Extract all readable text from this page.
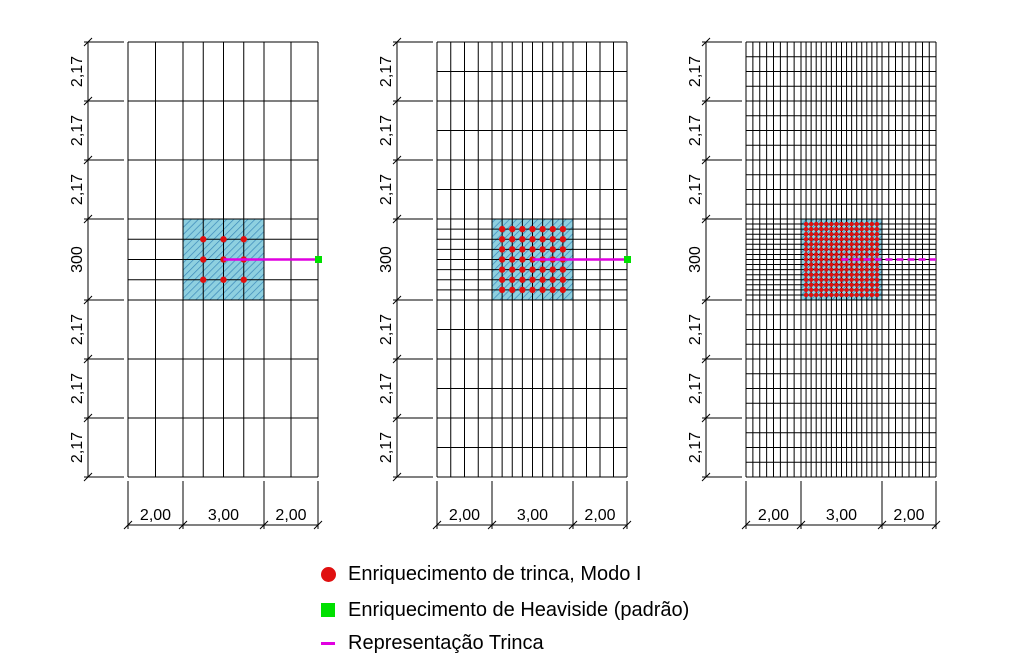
2,17
2,17
2,17
300
2,17
2,17
2,17
2,00 3,00 2,00
2,17
2,17
2,17
300
2,17
2,17
2,17
2,00 3,00 2,00
2,17
2,17
2,17
300
2,17
2,17
2,17
2,00 3,00 2,00
Enriquecimento de trinca, Modo I
Enriquecimento de Heaviside (padrão)
Representação Trinca
